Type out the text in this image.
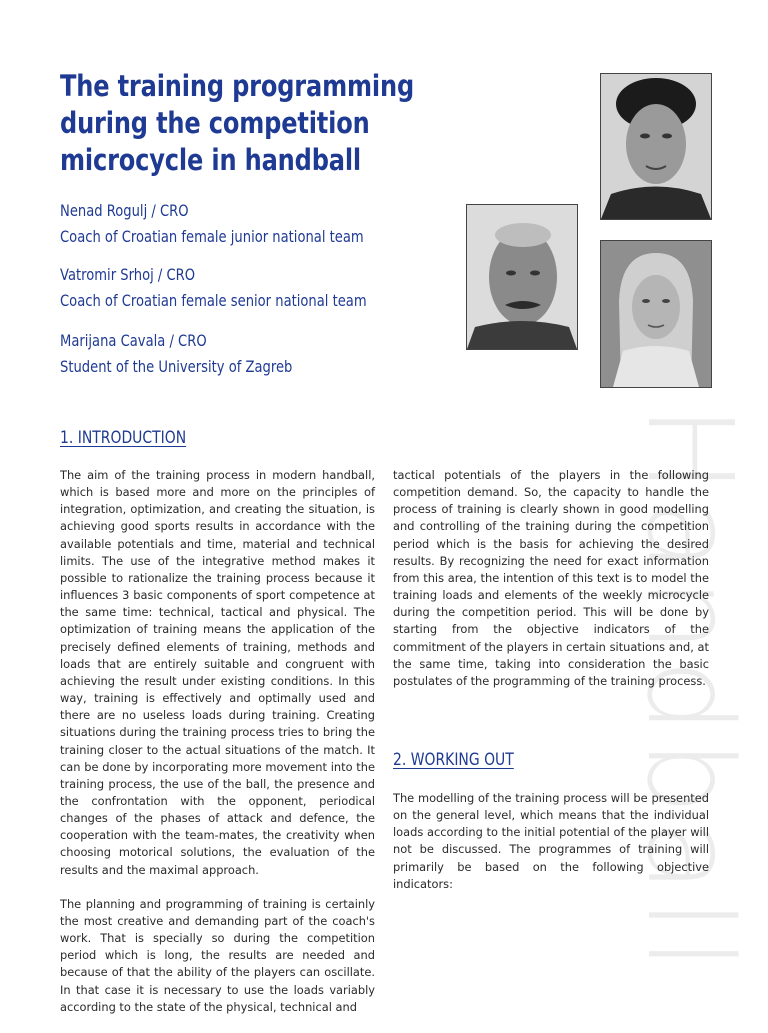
Handball
The training programming during the competition microcycle in handball
Nenad Rogulj / CRO
Coach of Croatian female junior national team
Vatromir Srhoj / CRO
Coach of Croatian female senior national team
Marijana Cavala / CRO
Student of the University of Zagreb
1. INTRODUCTION
2. WORKING OUT

The aim of the training process in modern handball, which is based more and more on the principles of integration, optimization, and creating the situation, is achieving good sports results in accordance with the available potentials and time, material and technical limits. The use of the integrative method makes it possible to rationalize the training process because it influences 3 basic components of sport competence at the same time: technical, tactical and physical. The optimization of training means the application of the precisely defined elements of training, methods and loads that are entirely suitable and congruent with achieving the result under existing conditions. In this way, training is effectively and optimally used and there are no useless loads during training. Creating situations during the training process tries to bring the training closer to the actual situations of the match. It can be done by incorporating more movement into the training process, the use of the ball, the presence and the confrontation with the opponent, periodical changes of the phases of attack and defence, the cooperation with the team-mates, the creativity when choosing motorical solutions, the evaluation of the results and the maximal approach.

The planning and programming of training is certainly the most creative and demanding part of the coach's work. That is specially so during the competition period which is long, the results are needed and because of that the ability of the players can oscillate. In that case it is necessary to use the loads variably according to the state of the physical, technical and

tactical potentials of the players in the following competition demand. So, the capacity to handle the process of training is clearly shown in good modelling and controlling of the training during the competition period which is the basis for achieving the desired results. By recognizing the need for exact information from this area, the intention of this text is to model the training loads and elements of the weekly microcycle during the competition period. This will be done by starting from the objective indicators of the commitment of the players in certain situations and, at the same time, taking into consideration the basic postulates of the programming of the training process.

The modelling of the training process will be presented on the general level, which means that the individual loads according to the initial potential of the player will not be discussed. The programmes of training will primarily be based on the following objective indicators:
